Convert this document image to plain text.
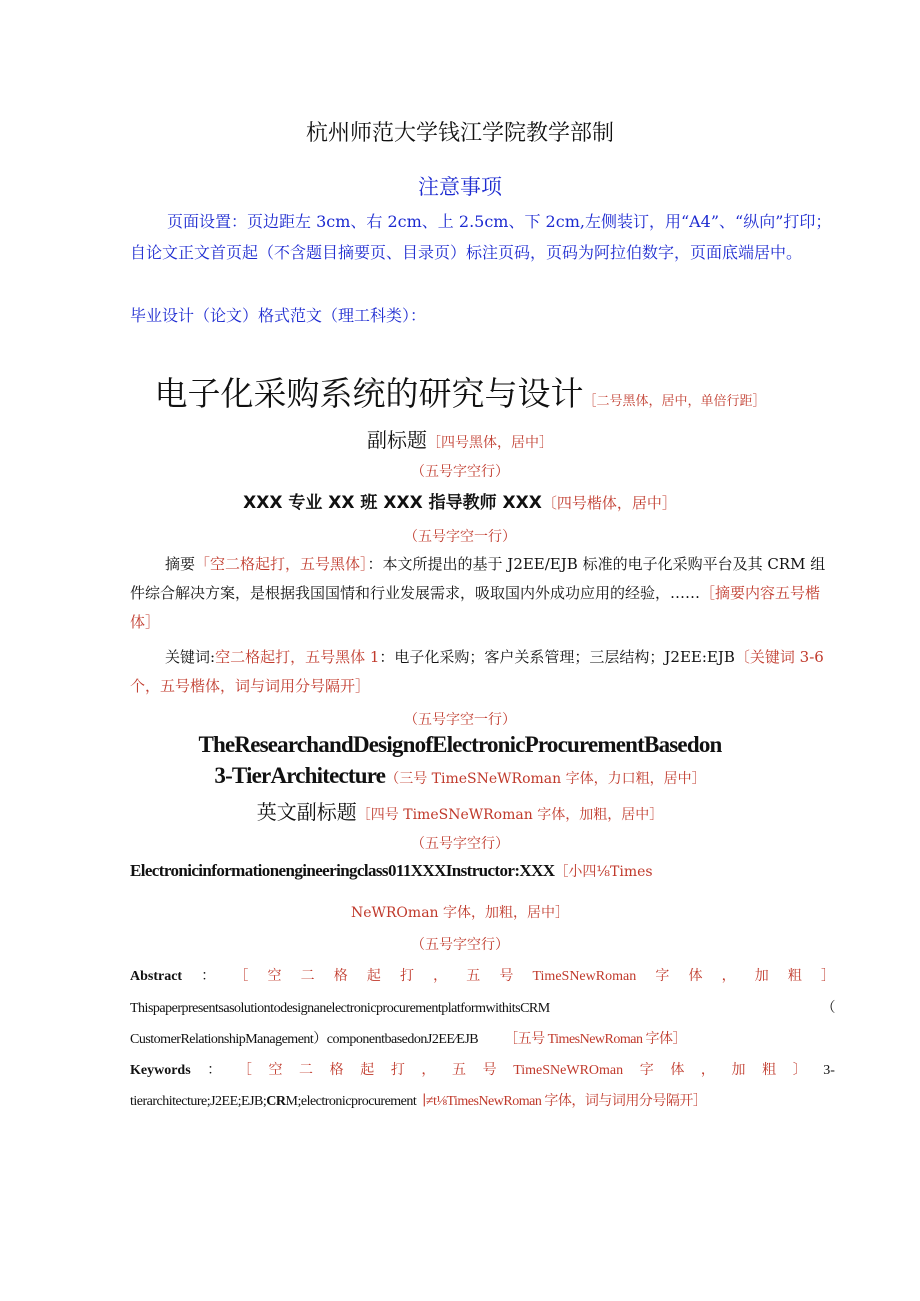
杭州师范大学钱江学院教学部制
注意事项
页面设置：页边距左 3cm、右 2cm、上 2.5cm、下 2cm,左侧装订，用“A4”、“纵向”打印；自论文正文首页起（不含题目摘要页、目录页）标注页码，页码为阿拉伯数字，页面底端居中。
毕业设计（论文）格式范文（理工科类）：
电子化采购系统的研究与设计［二号黑体，居中，单倍行距］
副标题［四号黑体，居中］
（五号字空行）
XXX 专业 XX 班 XXX 指导教师 XXX〔四号楷体，居中］
（五号字空一行）
摘要「空二格起打，五号黑体］：本文所提出的基于 J2EE/EJB 标准的电子化采购平台及其 CRM 组件综合解决方案，是根据我国国情和行业发展需求，吸取国内外成功应用的经验，……［摘要内容五号楷体］
关键词:空二格起打，五号黑体 1：电子化采购；客户关系管理；三层结构；J2EE:EJB〔关键词 3-6 个，五号楷体，词与词用分号隔开］
（五号字空一行）
TheResearchandDesignofElectronicProcurementBasedon
3-TierArchitecture（三号 TimeSNeWRoman 字体，力口粗，居中］
英文副标题［四号 TimeSNeWRoman 字体，加粗，居中］
（五号字空行）
Electronicinformationengineeringclass011XXXInstructor:XXX［小四⅛Times
NeWROman 字体，加粗，居中］
（五号字空行）
Abstract ： ［ 空 二 格 起 打 ， 五 号 TimeSNewRoman 字 体 ， 加 粗 ］
ThispaperpresentsasolutiontodesignanelectronicprocurementplatformwithitsCRM	（
CustomerRelationshipManagement）componentbasedonJ2EE⁄EJB ［五号 TimesNewRoman 字体］
Keywords ： ［ 空 二 格 起 打 ， 五 号 TimeSNeWROman 字 体 ， 加 粗 〕 3-
tierarchitecture;J2EE;EJB;CRM;electronicprocurement ∣≠t⅛TimesNewRoman 字体，词与词用分号隔开］
